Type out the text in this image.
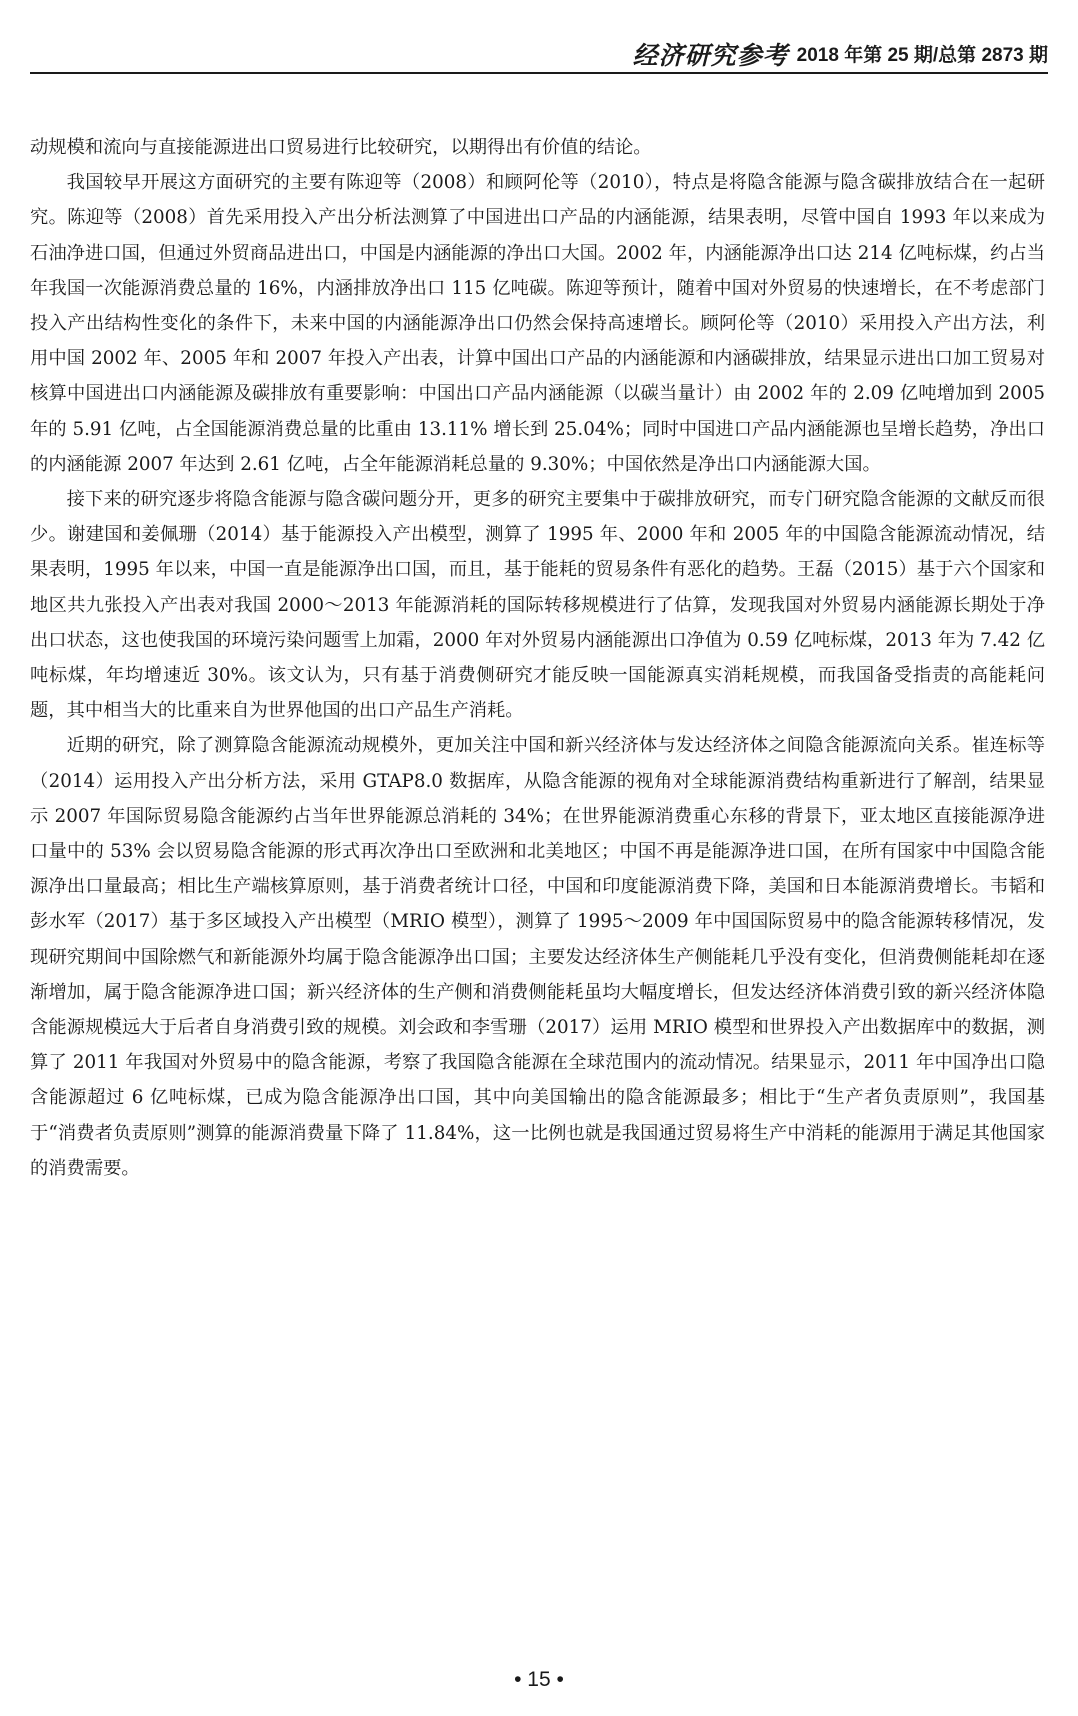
经济研究参考 2018 年第 25 期/总第 2873 期

动规模和流向与直接能源进出口贸易进行比较研究，以期得出有价值的结论。

我国较早开展这方面研究的主要有陈迎等（2008）和顾阿伦等（2010），特点是将隐含能源与隐含碳排放结合在一起研究。陈迎等（2008）首先采用投入产出分析法测算了中国进出口产品的内涵能源，结果表明，尽管中国自 1993 年以来成为石油净进口国，但通过外贸商品进出口，中国是内涵能源的净出口大国。2002 年，内涵能源净出口达 214 亿吨标煤，约占当年我国一次能源消费总量的 16%，内涵排放净出口 115 亿吨碳。陈迎等预计，随着中国对外贸易的快速增长，在不考虑部门投入产出结构性变化的条件下，未来中国的内涵能源净出口仍然会保持高速增长。顾阿伦等（2010）采用投入产出方法，利用中国 2002 年、2005 年和 2007 年投入产出表，计算中国出口产品的内涵能源和内涵碳排放，结果显示进出口加工贸易对核算中国进出口内涵能源及碳排放有重要影响：中国出口产品内涵能源（以碳当量计）由 2002 年的 2.09 亿吨增加到 2005 年的 5.91 亿吨，占全国能源消费总量的比重由 13.11% 增长到 25.04%；同时中国进口产品内涵能源也呈增长趋势，净出口的内涵能源 2007 年达到 2.61 亿吨，占全年能源消耗总量的 9.30%；中国依然是净出口内涵能源大国。

接下来的研究逐步将隐含能源与隐含碳问题分开，更多的研究主要集中于碳排放研究，而专门研究隐含能源的文献反而很少。谢建国和姜佩珊（2014）基于能源投入产出模型，测算了 1995 年、2000 年和 2005 年的中国隐含能源流动情况，结果表明，1995 年以来，中国一直是能源净出口国，而且，基于能耗的贸易条件有恶化的趋势。王磊（2015）基于六个国家和地区共九张投入产出表对我国 2000～2013 年能源消耗的国际转移规模进行了估算，发现我国对外贸易内涵能源长期处于净出口状态，这也使我国的环境污染问题雪上加霜，2000 年对外贸易内涵能源出口净值为 0.59 亿吨标煤，2013 年为 7.42 亿吨标煤，年均增速近 30%。该文认为，只有基于消费侧研究才能反映一国能源真实消耗规模，而我国备受指责的高能耗问题，其中相当大的比重来自为世界他国的出口产品生产消耗。

近期的研究，除了测算隐含能源流动规模外，更加关注中国和新兴经济体与发达经济体之间隐含能源流向关系。崔连标等（2014）运用投入产出分析方法，采用 GTAP8.0 数据库，从隐含能源的视角对全球能源消费结构重新进行了解剖，结果显示 2007 年国际贸易隐含能源约占当年世界能源总消耗的 34%；在世界能源消费重心东移的背景下，亚太地区直接能源净进口量中的 53% 会以贸易隐含能源的形式再次净出口至欧洲和北美地区；中国不再是能源净进口国，在所有国家中中国隐含能源净出口量最高；相比生产端核算原则，基于消费者统计口径，中国和印度能源消费下降，美国和日本能源消费增长。韦韬和彭水军（2017）基于多区域投入产出模型（MRIO 模型），测算了 1995～2009 年中国国际贸易中的隐含能源转移情况，发现研究期间中国除燃气和新能源外均属于隐含能源净出口国；主要发达经济体生产侧能耗几乎没有变化，但消费侧能耗却在逐渐增加，属于隐含能源净进口国；新兴经济体的生产侧和消费侧能耗虽均大幅度增长，但发达经济体消费引致的新兴经济体隐含能源规模远大于后者自身消费引致的规模。刘会政和李雪珊（2017）运用 MRIO 模型和世界投入产出数据库中的数据，测算了 2011 年我国对外贸易中的隐含能源，考察了我国隐含能源在全球范围内的流动情况。结果显示，2011 年中国净出口隐含能源超过 6 亿吨标煤，已成为隐含能源净出口国，其中向美国输出的隐含能源最多；相比于“生产者负责原则”，我国基于“消费者负责原则”测算的能源消费量下降了 11.84%，这一比例也就是我国通过贸易将生产中消耗的能源用于满足其他国家的消费需要。

• 15 •
